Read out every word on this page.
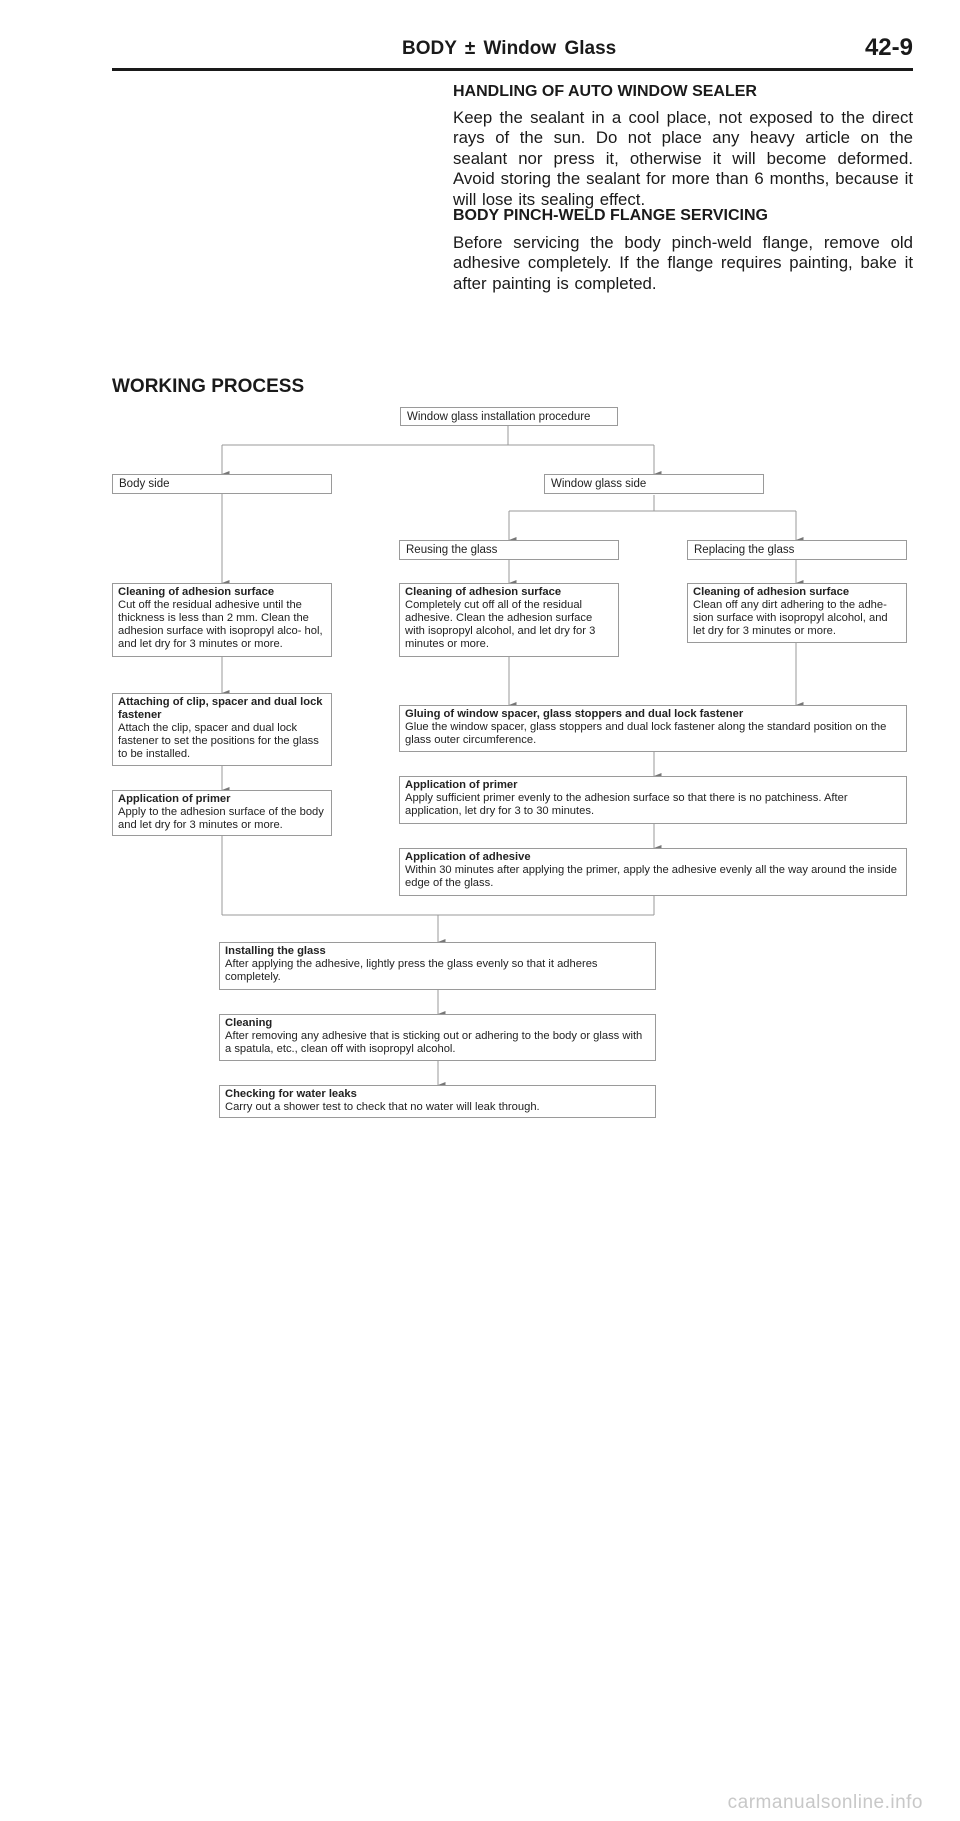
BODY ± Window Glass	42-9
HANDLING OF AUTO WINDOW SEALER
Keep the sealant in a cool place, not exposed to the direct rays of the sun. Do not place any heavy article on the sealant nor press it, otherwise it will become deformed. Avoid storing the sealant for more than 6 months, because it will lose its sealing effect.
BODY PINCH-WELD FLANGE SERVICING
Before servicing the body pinch-weld flange, remove old adhesive completely. If the flange requires painting, bake it after painting is completed.
WORKING PROCESS
Window glass installation procedure
Body side	Window glass side
Reusing the glass	Replacing the glass
Cleaning of adhesion surface
Cut off the residual adhesive until the thickness is less than 2 mm. Clean the adhesion surface with isopropyl alco- hol, and let dry for 3 minutes or more.
Cleaning of adhesion surface
Completely cut off all of the residual adhesive. Clean the adhesion surface with isopropyl alcohol, and let dry for 3 minutes or more.
Cleaning of adhesion surface
Clean off any dirt adhering to the adhe- sion surface with isopropyl alcohol, and let dry for 3 minutes or more.
Attaching of clip, spacer and dual lock fastener
Attach the clip, spacer and dual lock fastener to set the positions for the glass to be installed.
Gluing of window spacer, glass stoppers and dual lock fastener
Glue the window spacer, glass stoppers and dual lock fastener along the standard position on the glass outer circumference.
Application of primer
Apply to the adhesion surface of the body and let dry for 3 minutes or more.
Application of primer
Apply sufficient primer evenly to the adhesion surface so that there is no patchiness. After application, let dry for 3 to 30 minutes.
Application of adhesive
Within 30 minutes after applying the primer, apply the adhesive evenly all the way around the inside edge of the glass.
Installing the glass
After applying the adhesive, lightly press the glass evenly so that it adheres completely.
Cleaning
After removing any adhesive that is sticking out or adhering to the body or glass with a spatula, etc., clean off with isopropyl alcohol.
Checking for water leaks
Carry out a shower test to check that no water will leak through.
carmanualsonline.info
